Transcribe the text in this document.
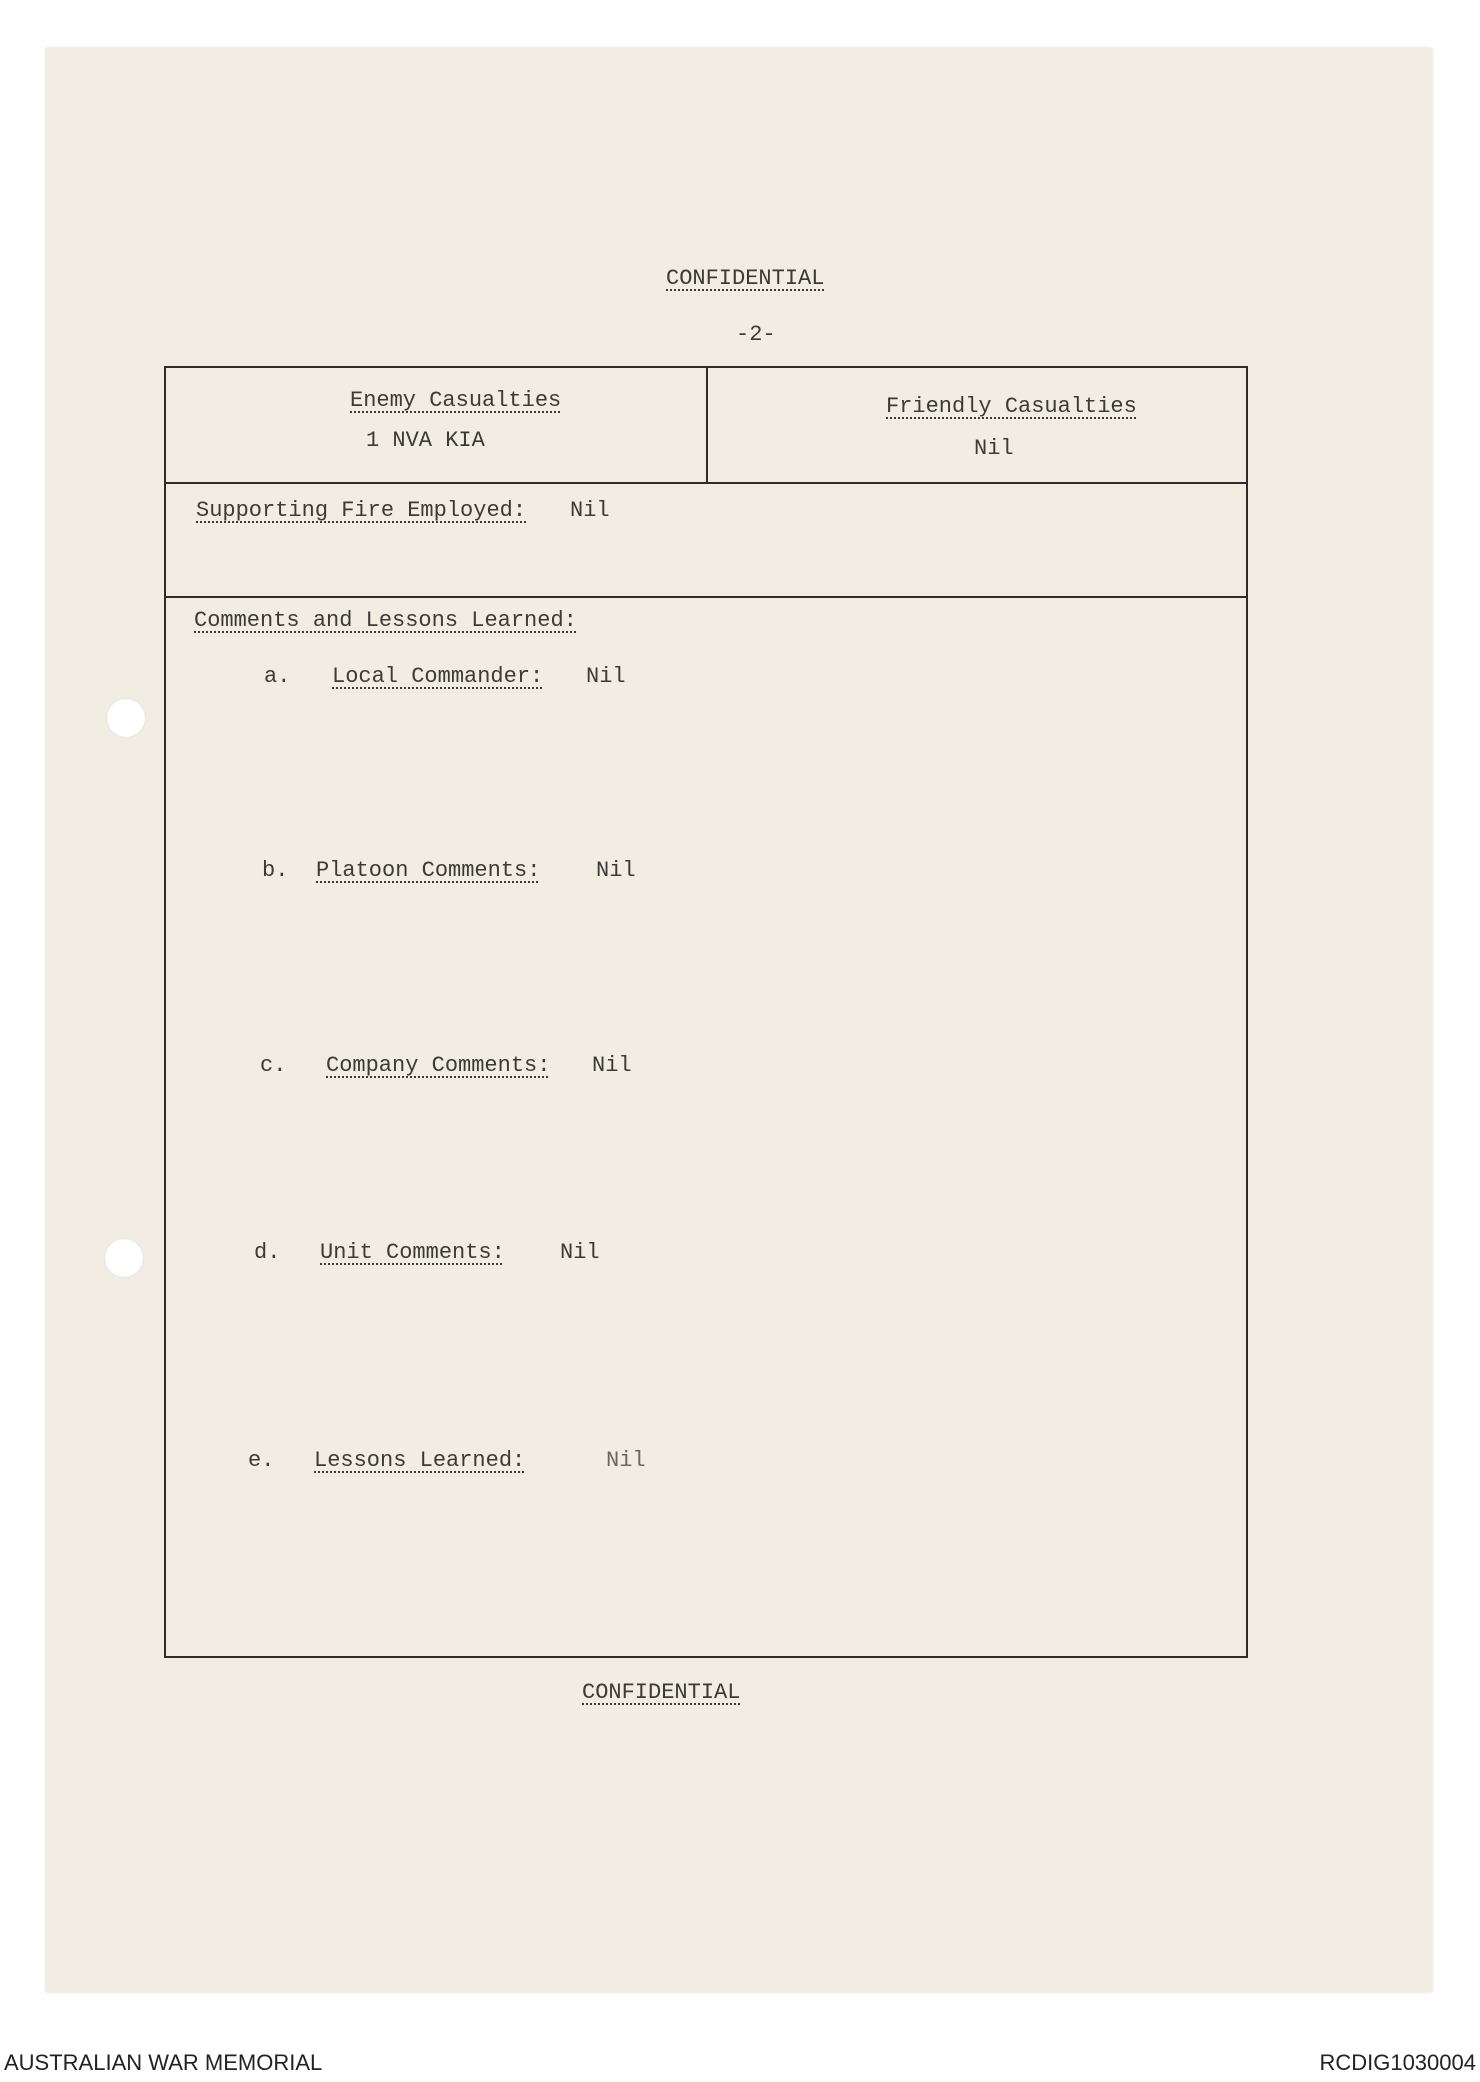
CONFIDENTIAL
-2-
Enemy Casualties
1 NVA KIA
Friendly Casualties
Nil
Supporting Fire Employed: Nil
Comments and Lessons Learned:
a. Local Commander: Nil
b. Platoon Comments:	Nil
c. Company Comments: Nil
d. Unit Comments:	Nil
e. Lessons Learned:	Nil
CONFIDENTIAL
AUSTRALIAN WAR MEMORIAL	RCDIG1030004
